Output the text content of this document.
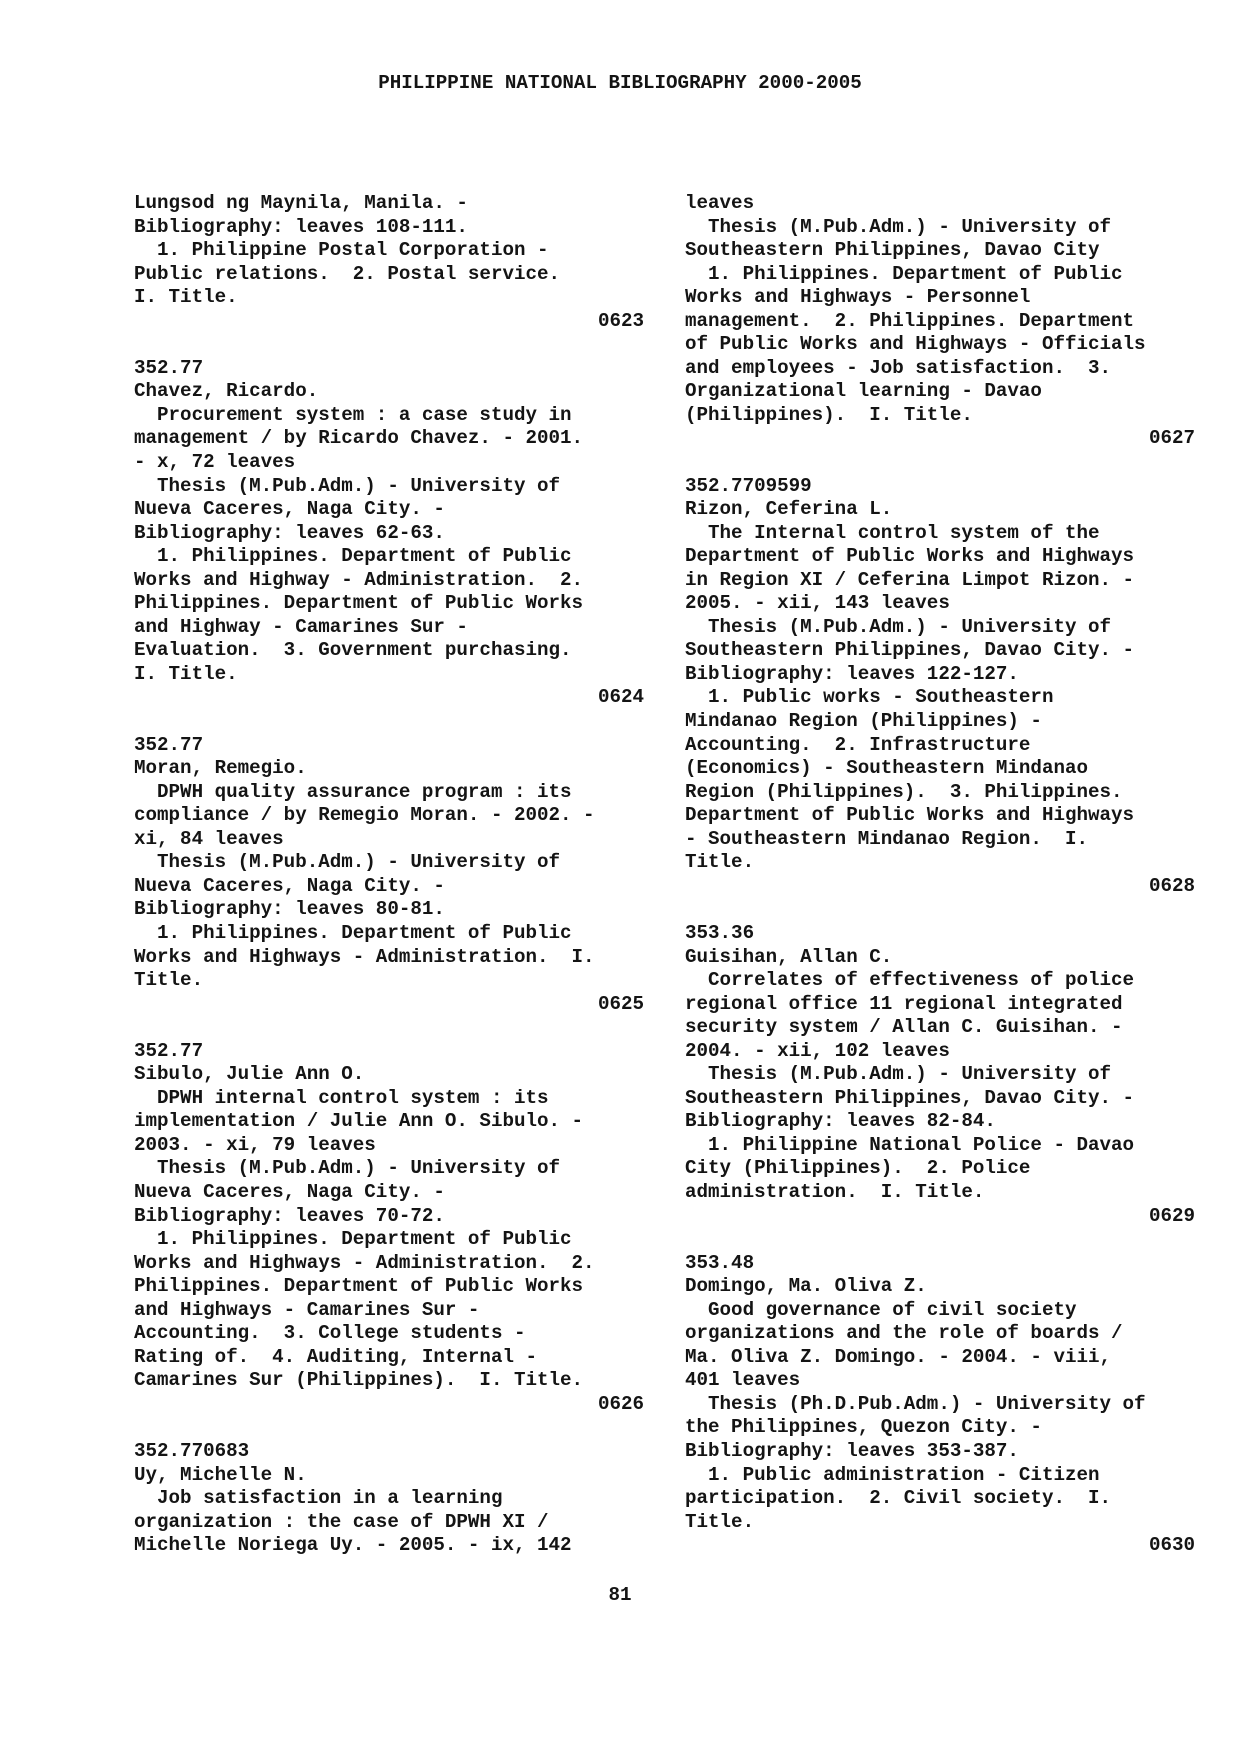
PHILIPPINE NATIONAL BIBLIOGRAPHY 2000-2005
Lungsod ng Maynila, Manila. -
Bibliography: leaves 108-111.
1. Philippine Postal Corporation -
Public relations.  2. Postal service.
I. Title.
0623
352.77
Chavez, Ricardo.
Procurement system : a case study in
management / by Ricardo Chavez. - 2001.
- x, 72 leaves
Thesis (M.Pub.Adm.) - University of
Nueva Caceres, Naga City. -
Bibliography: leaves 62-63.
1. Philippines. Department of Public
Works and Highway - Administration.  2.
Philippines. Department of Public Works
and Highway - Camarines Sur -
Evaluation.  3. Government purchasing.
I. Title.
0624
352.77
Moran, Remegio.
DPWH quality assurance program : its
compliance / by Remegio Moran. - 2002. -
xi, 84 leaves
Thesis (M.Pub.Adm.) - University of
Nueva Caceres, Naga City. -
Bibliography: leaves 80-81.
1. Philippines. Department of Public
Works and Highways - Administration.  I.
Title.
0625
352.77
Sibulo, Julie Ann O.
DPWH internal control system : its
implementation / Julie Ann O. Sibulo. -
2003. - xi, 79 leaves
Thesis (M.Pub.Adm.) - University of
Nueva Caceres, Naga City. -
Bibliography: leaves 70-72.
1. Philippines. Department of Public
Works and Highways - Administration.  2.
Philippines. Department of Public Works
and Highways - Camarines Sur -
Accounting.  3. College students -
Rating of.  4. Auditing, Internal -
Camarines Sur (Philippines).  I. Title.
0626
352.770683
Uy, Michelle N.
Job satisfaction in a learning
organization : the case of DPWH XI /
Michelle Noriega Uy. - 2005. - ix, 142
leaves
Thesis (M.Pub.Adm.) - University of
Southeastern Philippines, Davao City
1. Philippines. Department of Public
Works and Highways - Personnel
management.  2. Philippines. Department
of Public Works and Highways - Officials
and employees - Job satisfaction.  3.
Organizational learning - Davao
(Philippines).  I. Title.
0627
352.7709599
Rizon, Ceferina L.
The Internal control system of the
Department of Public Works and Highways
in Region XI / Ceferina Limpot Rizon. -
2005. - xii, 143 leaves
Thesis (M.Pub.Adm.) - University of
Southeastern Philippines, Davao City. -
Bibliography: leaves 122-127.
1. Public works - Southeastern
Mindanao Region (Philippines) -
Accounting.  2. Infrastructure
(Economics) - Southeastern Mindanao
Region (Philippines).  3. Philippines.
Department of Public Works and Highways
- Southeastern Mindanao Region.  I.
Title.
0628
353.36
Guisihan, Allan C.
Correlates of effectiveness of police
regional office 11 regional integrated
security system / Allan C. Guisihan. -
2004. - xii, 102 leaves
Thesis (M.Pub.Adm.) - University of
Southeastern Philippines, Davao City. -
Bibliography: leaves 82-84.
1. Philippine National Police - Davao
City (Philippines).  2. Police
administration.  I. Title.
0629
353.48
Domingo, Ma. Oliva Z.
Good governance of civil society
organizations and the role of boards /
Ma. Oliva Z. Domingo. - 2004. - viii,
401 leaves
Thesis (Ph.D.Pub.Adm.) - University of
the Philippines, Quezon City. -
Bibliography: leaves 353-387.
1. Public administration - Citizen
participation.  2. Civil society.  I.
Title.
0630
81
